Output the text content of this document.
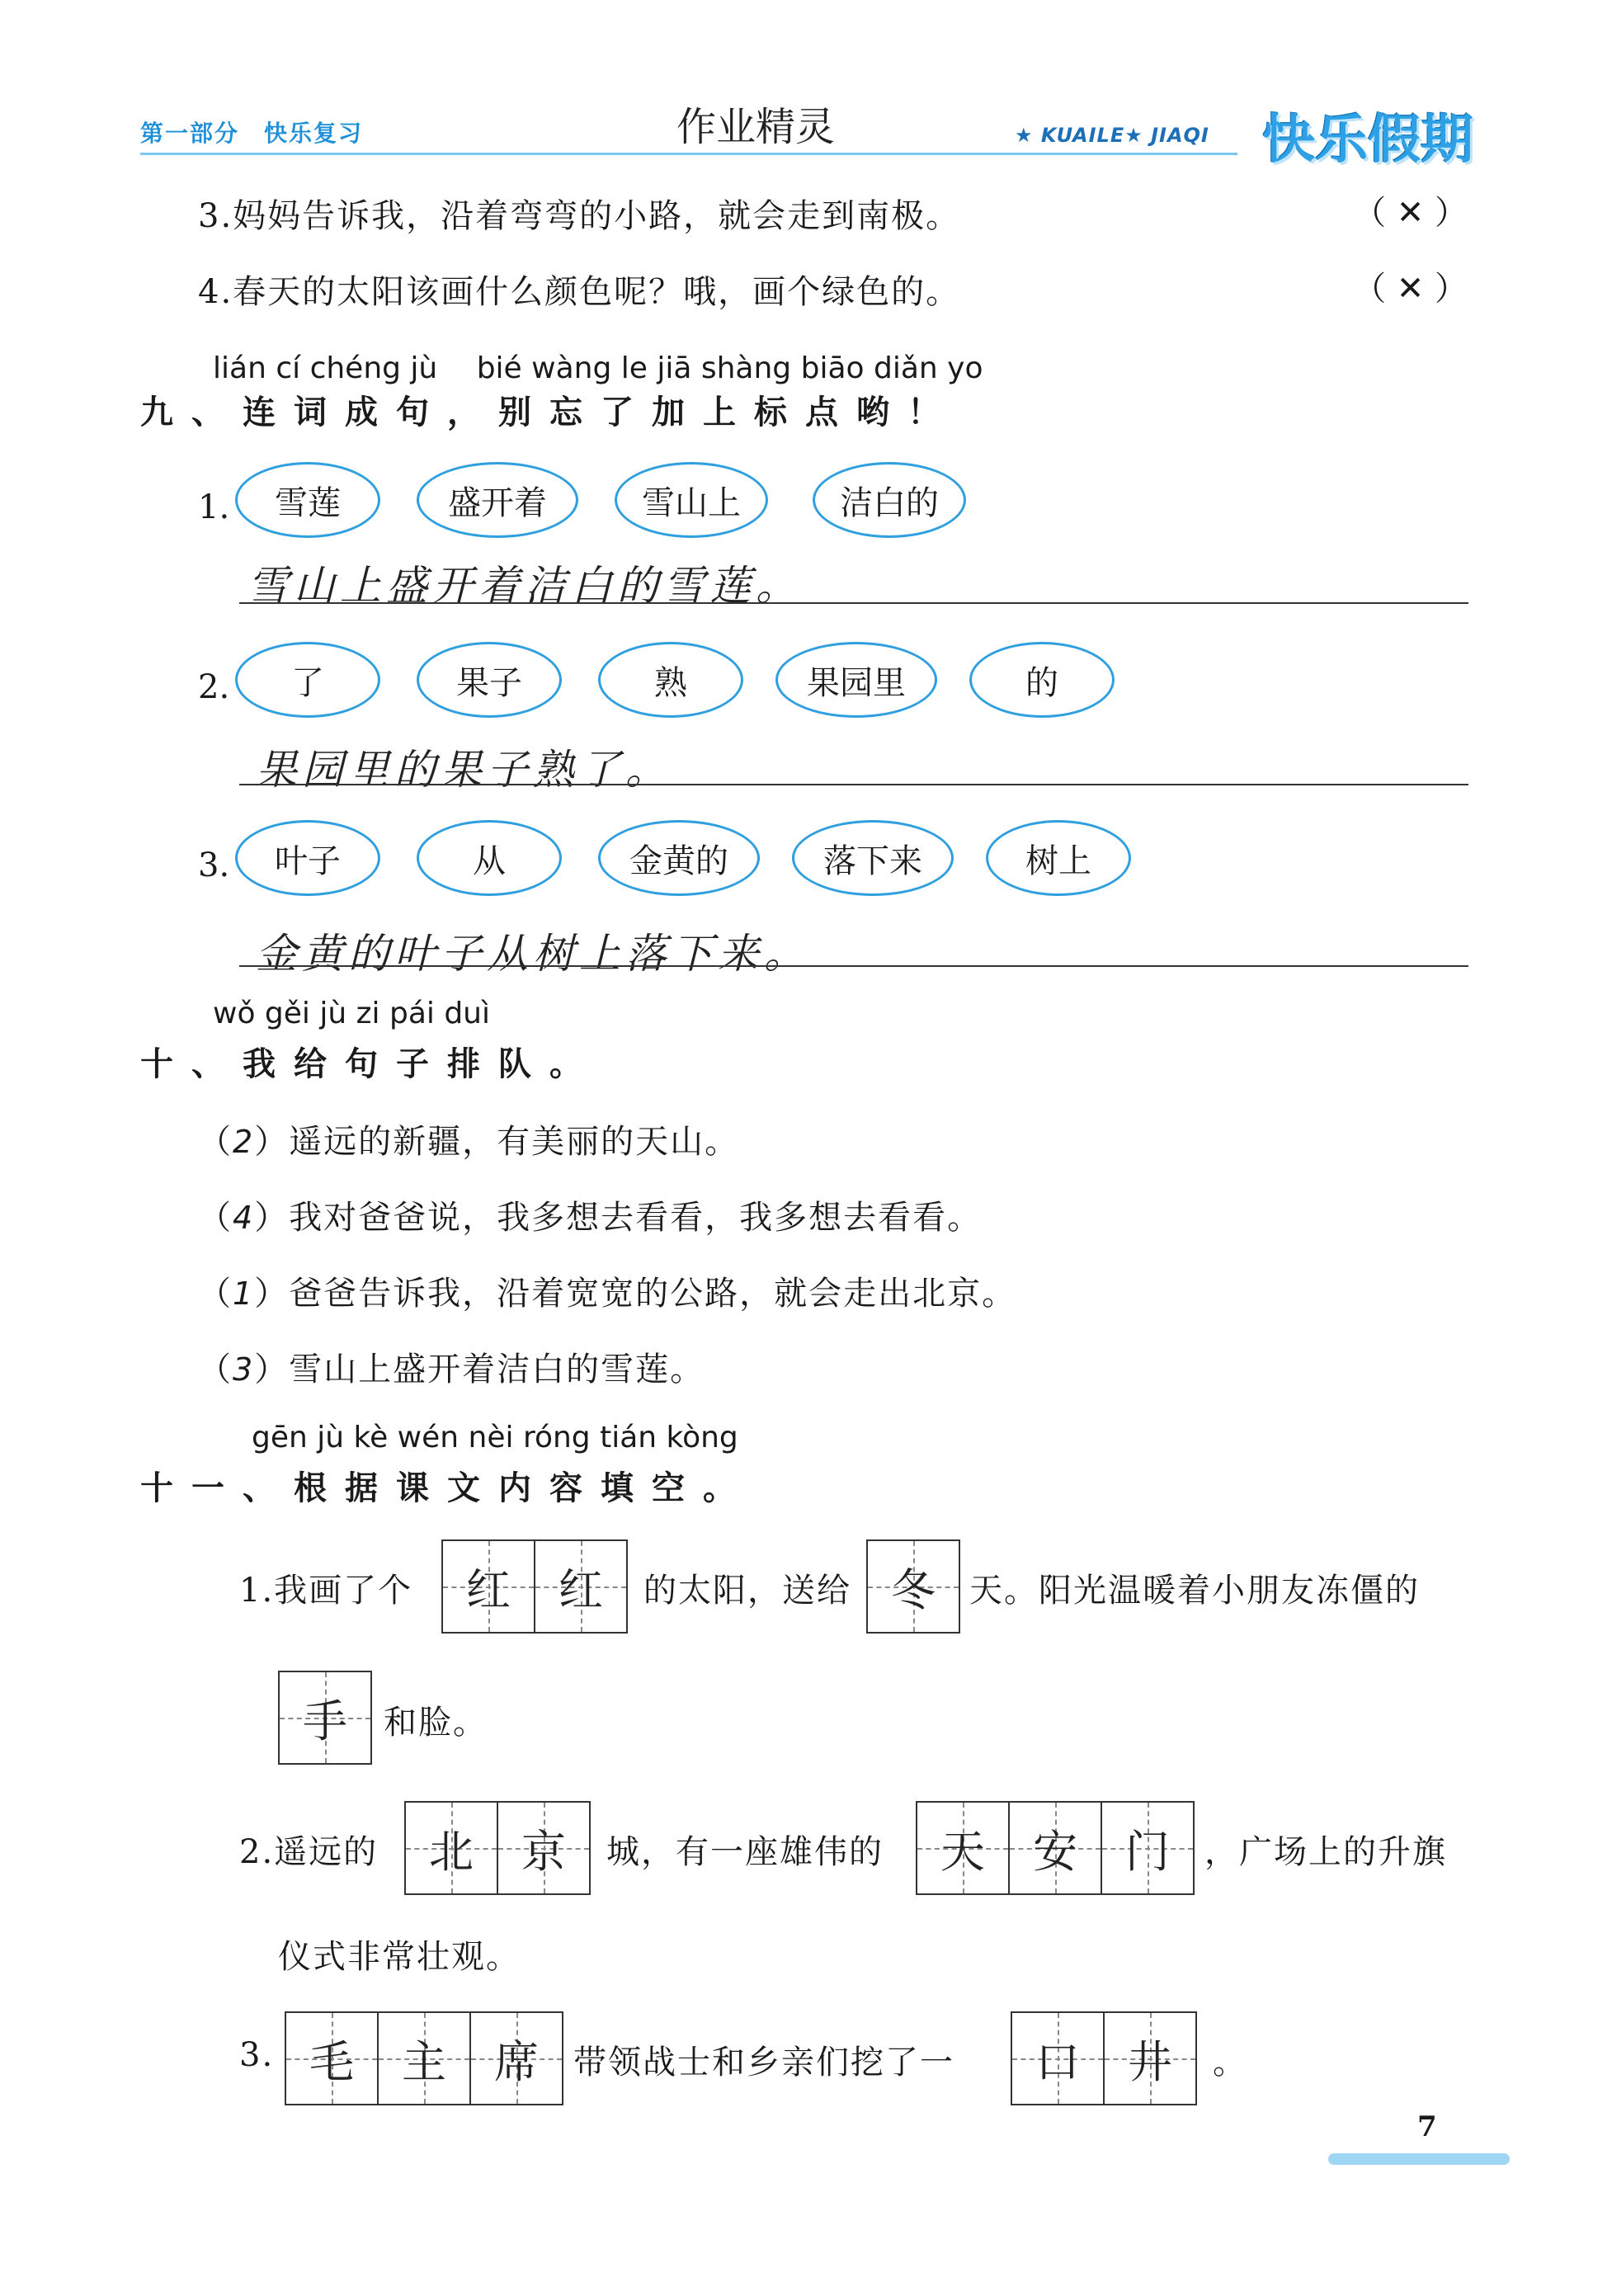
第一部分　快乐复习	作业精灵	★ KUAILE★ JIAQI 快乐假期
3.妈妈告诉我，沿着弯弯的小路，就会走到南极。	（ ✕ ）
4.春天的太阳该画什么颜色呢？哦，画个绿色的。	（ ✕ ）
lián cí chéng jù　 bié wàng le jiā shàng biāo diǎn yo
九、连词成句，别忘了加上标点哟！
1.	雪莲	盛开着	雪山上	洁白的
雪山上盛开着洁白的雪莲。
2.	了	果子	熟	果园里	的
果园里的果子熟了。
3.	叶子	从	金黄的	落下来	树上
金黄的叶子从树上落下来。
wǒ gěi jù zi pái duì
十、我给句子排队。
（2）遥远的新疆，有美丽的天山。
（4）我对爸爸说，我多想去看看，我多想去看看。
（1）爸爸告诉我，沿着宽宽的公路，就会走出北京。
（3）雪山上盛开着洁白的雪莲。
gēn jù kè wén nèi róng tián kòng
十一、根据课文内容填空。
1.我画了个 红 红 的太阳，送给 冬 天。阳光温暖着小朋友冻僵的
手 和脸。
2.遥远的 北 京 城，有一座雄伟的 天 安 门 ，广场上的升旗
仪式非常壮观。
3. 毛 主 席 带领战士和乡亲们挖了一 口 井 。
7
